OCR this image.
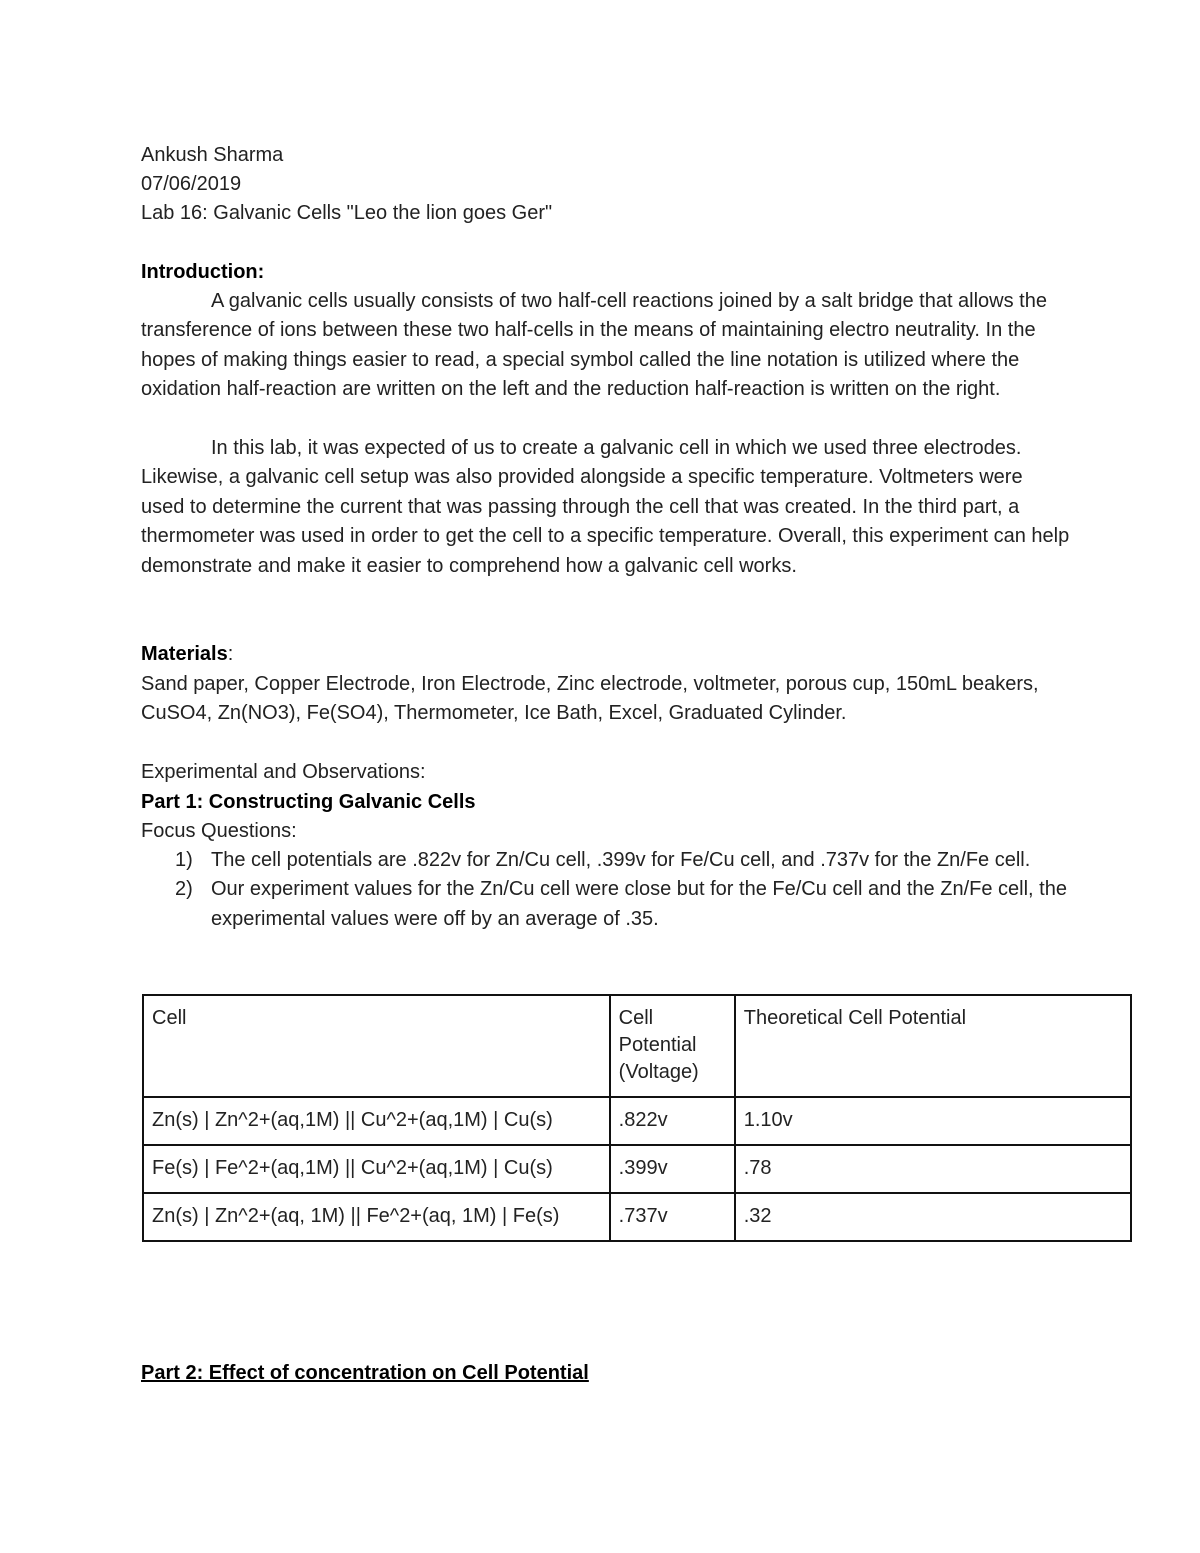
Ankush Sharma
07/06/2019
Lab 16: Galvanic Cells "Leo the lion goes Ger"
Introduction:
A galvanic cells usually consists of two half-cell reactions joined by a salt bridge that allows the transference of ions between these two half-cells in the means of maintaining electro neutrality. In the hopes of making things easier to read, a special symbol called the line notation is utilized where the oxidation half-reaction are written on the left and the reduction half-reaction is written on the right.
In this lab, it was expected of us to create a galvanic cell in which we used three electrodes. Likewise, a galvanic cell setup was also provided alongside a specific temperature. Voltmeters were used to determine the current that was passing through the cell that was created. In the third part, a thermometer was used in order to get the cell to a specific temperature. Overall, this experiment can help demonstrate and make it easier to comprehend how a galvanic cell works.
Materials:
Sand paper, Copper Electrode, Iron Electrode, Zinc electrode, voltmeter, porous cup, 150mL beakers, CuSO4, Zn(NO3), Fe(SO4), Thermometer, Ice Bath, Excel, Graduated Cylinder.
Experimental and Observations:
Part 1: Constructing Galvanic Cells
Focus Questions:
1) The cell potentials are .822v for Zn/Cu cell, .399v for Fe/Cu cell, and .737v for the Zn/Fe cell.
2) Our experiment values for the Zn/Cu cell were close but for the Fe/Cu cell and the Zn/Fe cell, the experimental values were off by an average of .35.
Cell	Cell Potential (Voltage)	Theoretical Cell Potential
Zn(s) | Zn^2+(aq,1M) || Cu^2+(aq,1M) | Cu(s)	.822v	1.10v
Fe(s) | Fe^2+(aq,1M) || Cu^2+(aq,1M) | Cu(s)	.399v	.78
Zn(s) | Zn^2+(aq, 1M) || Fe^2+(aq, 1M) | Fe(s)	.737v	.32
Part 2: Effect of concentration on Cell Potential
